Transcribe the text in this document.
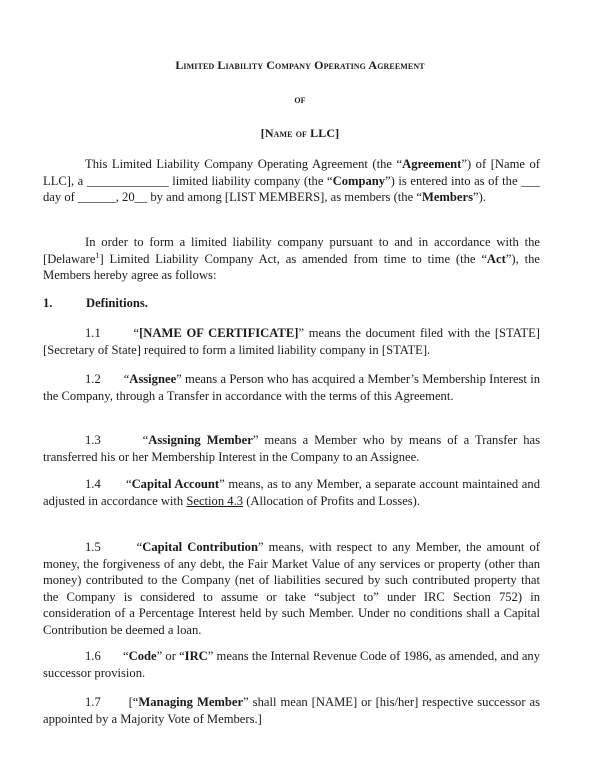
Limited Liability Company Operating Agreement
of
[Name of LLC]
This Limited Liability Company Operating Agreement (the “Agreement”) of [Name of LLC], a _____________ limited liability company (the “Company”) is entered into as of the ___ day of ______, 20__ by and among [LIST MEMBERS], as members (the “Members”).
In order to form a limited liability company pursuant to and in accordance with the [Delaware$^1$] Limited Liability Company Act, as amended from time to time (the “Act”), the Members hereby agree as follows:
1.	Definitions.
1.1	“[NAME OF CERTIFICATE]” means the document filed with the [STATE] [Secretary of State] required to form a limited liability company in [STATE].
1.2 “Assignee” means a Person who has acquired a Member’s Membership Interest in the Company, through a Transfer in accordance with the terms of this Agreement.
1.3	“Assigning Member” means a Member who by means of a Transfer has transferred his or her Membership Interest in the Company to an Assignee.
1.4 “Capital Account” means, as to any Member, a separate account maintained and adjusted in accordance with Section 4.3 (Allocation of Profits and Losses).
1.5	“Capital Contribution” means, with respect to any Member, the amount of money, the forgiveness of any debt, the Fair Market Value of any services or property (other than money) contributed to the Company (net of liabilities secured by such contributed property that the Company is considered to assume or take “subject to” under IRC Section 752) in consideration of a Percentage Interest held by such Member. Under no conditions shall a Capital Contribution be deemed a loan.
1.6 “Code” or “IRC” means the Internal Revenue Code of 1986, as amended, and any successor provision.
1.7 [“Managing Member” shall mean [NAME] or [his/her] respective successor as appointed by a Majority Vote of Members.]
